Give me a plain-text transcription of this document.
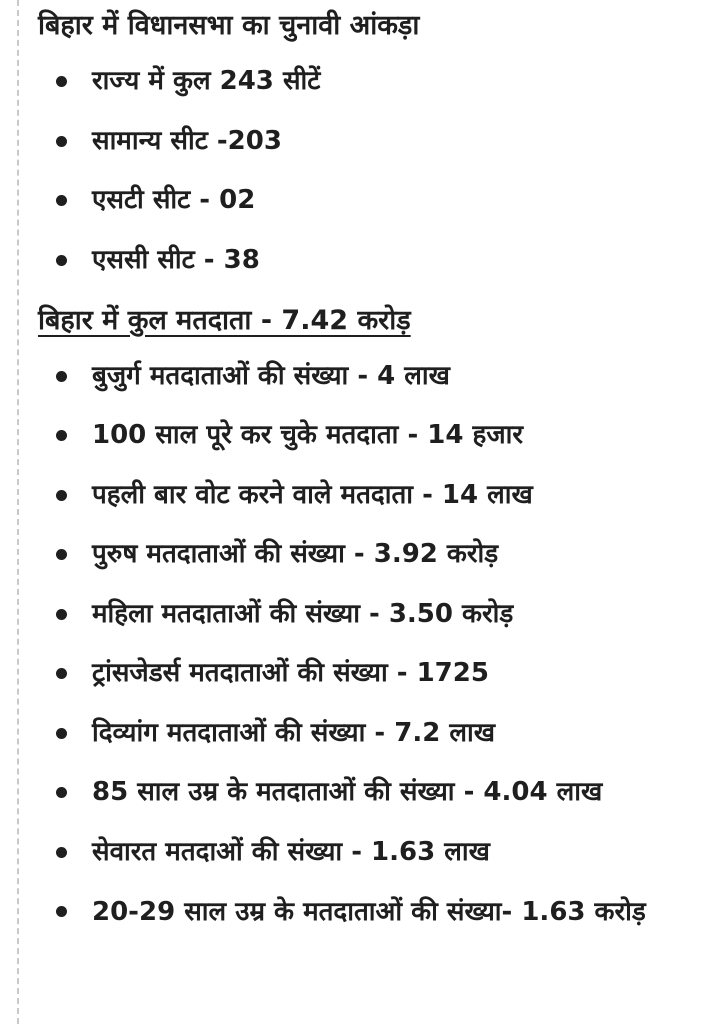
बिहार में विधानसभा का चुनावी आंकड़ा
राज्य में कुल 243 सीटें
सामान्य सीट -203
एसटी सीट - 02
एससी सीट - 38
बिहार में कुल मतदाता - 7.42 करोड़
बुजुर्ग मतदाताओं की संख्या - 4 लाख
100 साल पूरे कर चुके मतदाता - 14 हजार
पहली बार वोट करने वाले मतदाता - 14 लाख
पुरुष मतदाताओं की संख्या - 3.92 करोड़
महिला मतदाताओं की संख्या - 3.50 करोड़
ट्रांसजेडर्स मतदाताओं की संख्या - 1725
दिव्यांग मतदाताओं की संख्या - 7.2 लाख
85 साल उम्र के मतदाताओं की संख्या - 4.04 लाख
सेवारत मतदाओं की संख्या - 1.63 लाख
20-29 साल उम्र के मतदाताओं की संख्या- 1.63 करोड़
